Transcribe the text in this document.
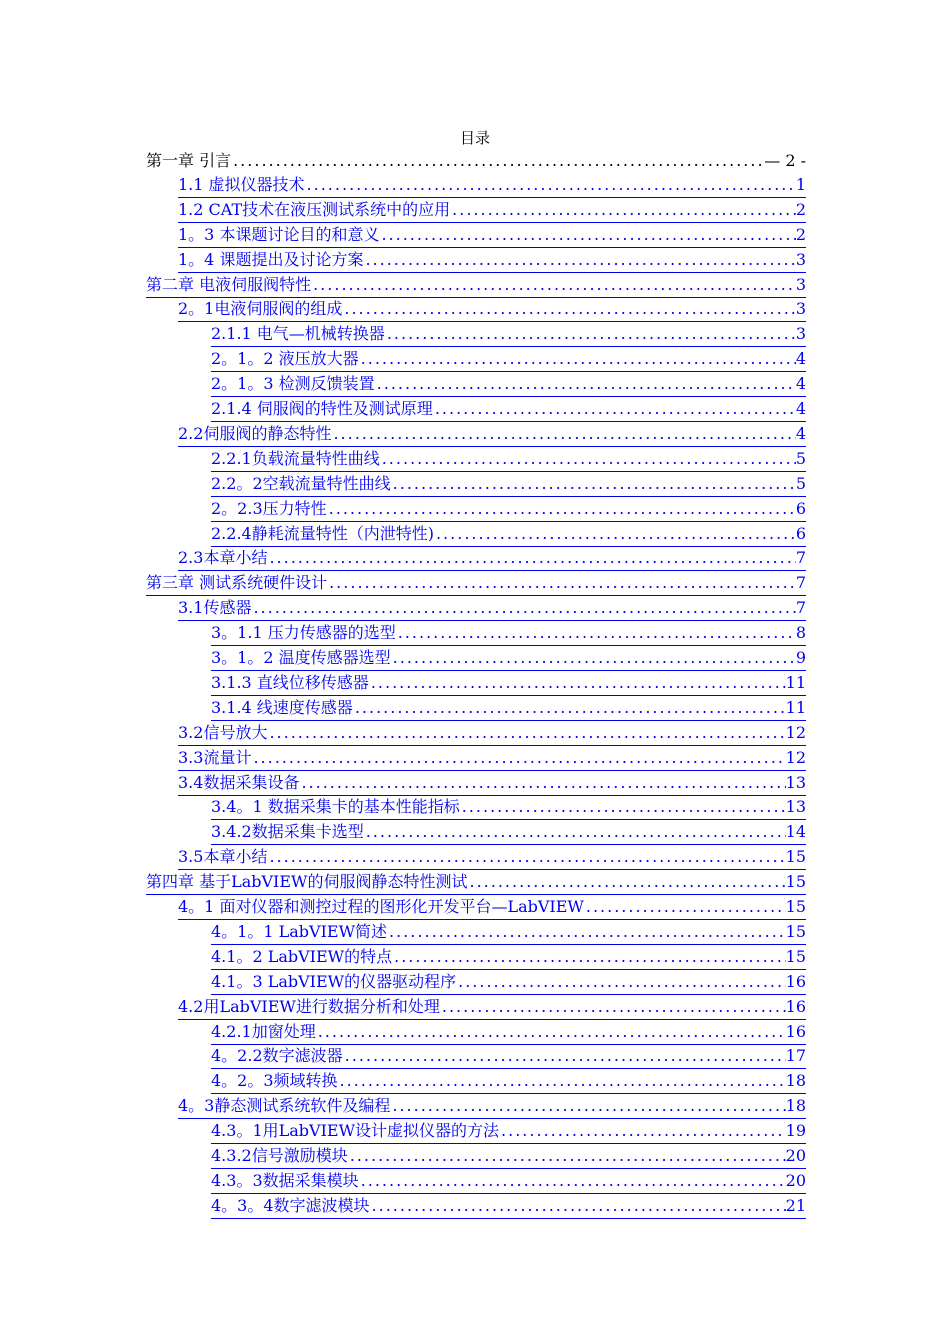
目录
第一章 引言 .....	— 2 -
1.1 虚拟仪器技术 .....	1
1.2 CAT技术在液压测试系统中的应用 .....	2
1。3 本课题讨论目的和意义 .....	2
1。4 课题提出及讨论方案 .....	3
第二章 电液伺服阀特性 .....	3
2。1电液伺服阀的组成 .....	3
2.1.1 电气—机械转换器 .....	3
2。1。2 液压放大器 .....	4
2。1。3 检测反馈装置 .....	4
2.1.4 伺服阀的特性及测试原理 .....	4
2.2伺服阀的静态特性 .....	4
2.2.1负载流量特性曲线 .....	5
2.2。2空载流量特性曲线 .....	5
2。2.3压力特性 .....	6
2.2.4静耗流量特性（内泄特性) .....	6
2.3本章小结 .....	7
第三章 测试系统硬件设计 .....	7
3.1传感器 .....	7
3。1.1 压力传感器的选型 .....	8
3。1。2 温度传感器选型 .....	9
3.1.3 直线位移传感器 .....	11
3.1.4 线速度传感器 .....	11
3.2信号放大 .....	12
3.3流量计 .....	12
3.4数据采集设备 .....	13
3.4。1 数据采集卡的基本性能指标 .....	13
3.4.2数据采集卡选型 .....	14
3.5本章小结 .....	15
第四章 基于LabVIEW的伺服阀静态特性测试 .....	15
4。1 面对仪器和测控过程的图形化开发平台—LabVIEW .....	15
4。1。1 LabVIEW简述 .....	15
4.1。2 LabVIEW的特点 .....	15
4.1。3 LabVIEW的仪器驱动程序 .....	16
4.2用LabVIEW进行数据分析和处理 .....	16
4.2.1加窗处理 .....	16
4。2.2数字滤波器 .....	17
4。2。3频域转换 .....	18
4。3静态测试系统软件及编程 .....	18
4.3。1用LabVIEW设计虚拟仪器的方法 .....	19
4.3.2信号激励模块 .....	20
4.3。3数据采集模块 .....	20
4。3。4数字滤波模块 .....	21
